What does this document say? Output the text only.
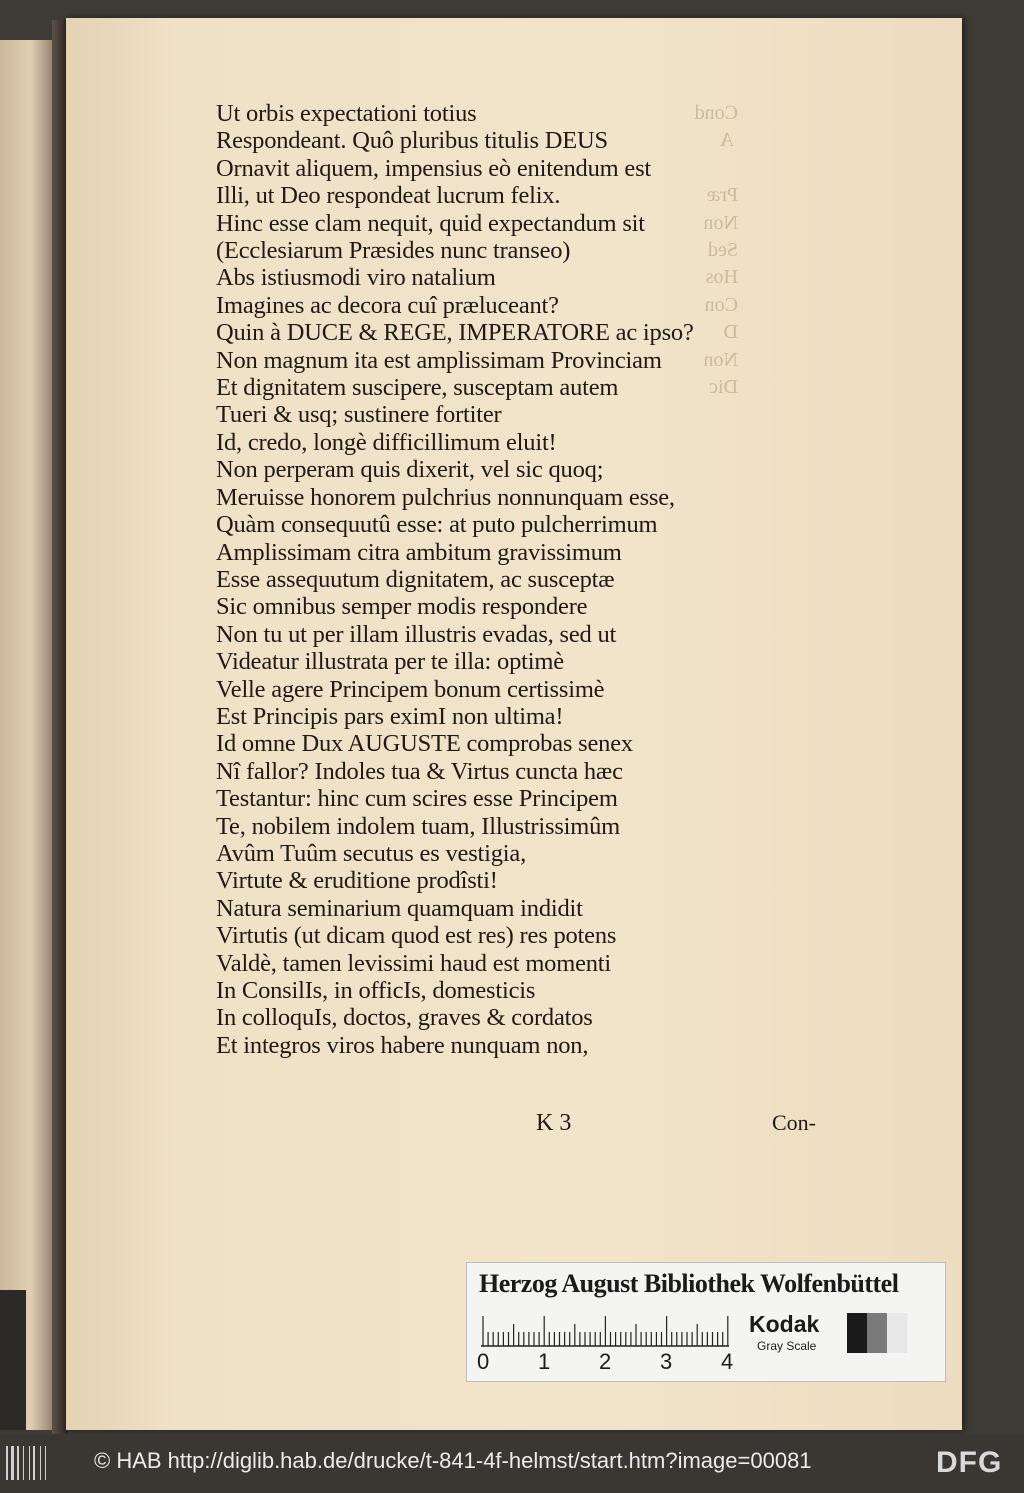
Cond
A

Præ
Non
Sed
Hos
Con
D
Non
Dic
Ut orbis expectationi totius
Respondeant. Quô pluribus titulis DEUS
Ornavit aliquem, impensius eò enitendum est
Illi, ut Deo respondeat lucrum felix.
Hinc esse clam nequit, quid expectandum sit
(Ecclesiarum Præsides nunc transeo)
Abs istiusmodi viro natalium
Imagines ac decora cuî præluceant?
Quin à DUCE & REGE, IMPERATORE ac ipso?
Non magnum ita est amplissimam Provinciam
Et dignitatem suscipere, susceptam autem
Tueri & usq; sustinere fortiter
Id, credo, longè difficillimum eluit!
Non perperam quis dixerit, vel sic quoq;
Meruisse honorem pulchrius nonnunquam esse,
Quàm consequutû esse: at puto pulcherrimum
Amplissimam citra ambitum gravissimum
Esse assequutum dignitatem, ac susceptæ
Sic omnibus semper modis respondere
Non tu ut per illam illustris evadas, sed ut
Videatur illustrata per te illa: optimè
Velle agere Principem bonum certissimè
Est Principis pars eximI non ultima!
Id omne Dux AUGUSTE comprobas senex
Nî fallor? Indoles tua & Virtus cuncta hæc
Testantur: hinc cum scires esse Principem
Te, nobilem indolem tuam, Illustrissimûm
Avûm Tuûm secutus es vestigia,
Virtute & eruditione prodîsti!
Natura seminarium quamquam indidit
Virtutis (ut dicam quod est res) res potens
Valdè, tamen levissimi haud est momenti
In ConsilIs, in officIs, domesticis
In colloquIs, doctos, graves & cordatos
Et integros viros habere nunquam non,
K 3	Con-
Herzog August Bibliothek Wolfenbüttel
0 1 2 3 4
Kodak
Gray Scale
© HAB http://diglib.hab.de/drucke/t-841-4f-helmst/start.htm?image=00081	DFG
